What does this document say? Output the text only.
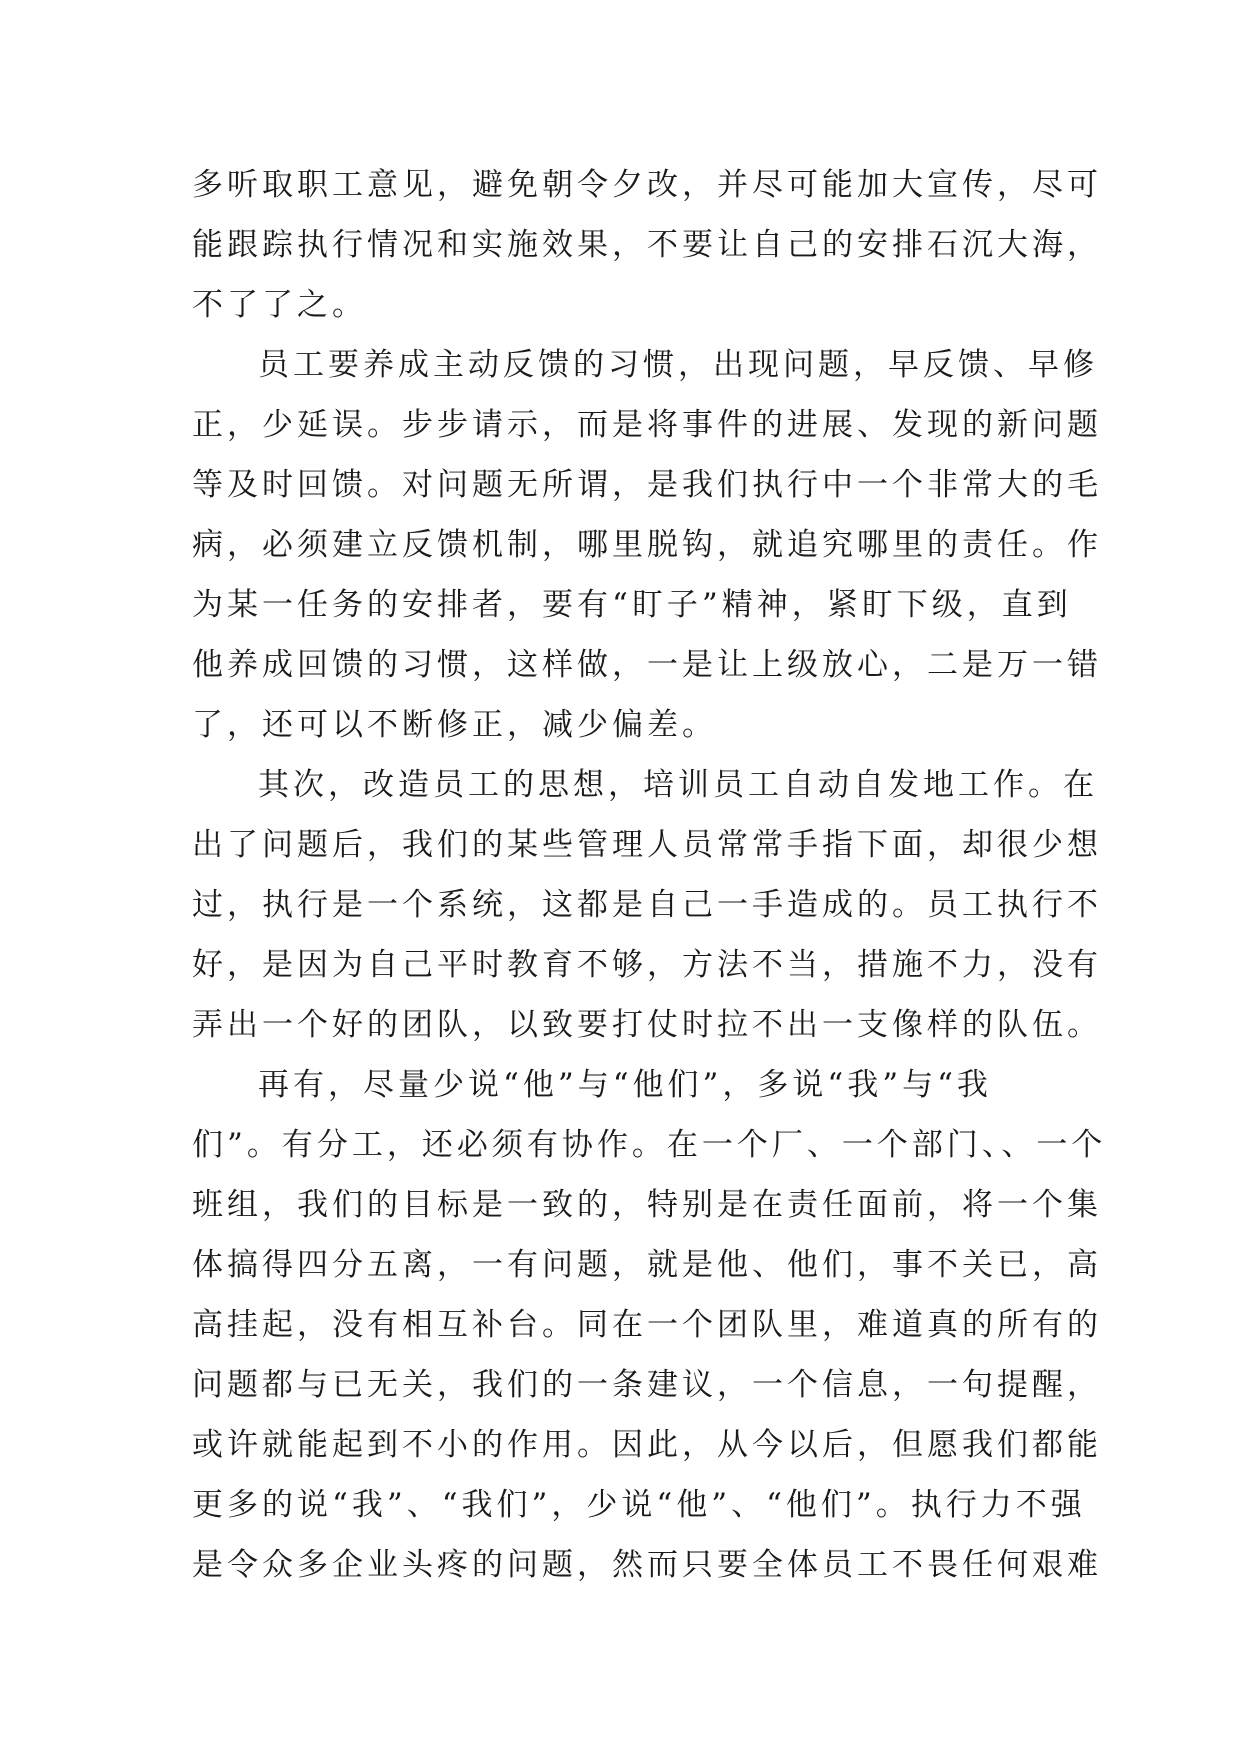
多听取职工意见，避免朝令夕改，并尽可能加大宣传，尽可
能跟踪执行情况和实施效果，不要让自己的安排石沉大海，
不了了之。
员工要养成主动反馈的习惯，出现问题，早反馈、早修
正，少延误。步步请示，而是将事件的进展、发现的新问题
等及时回馈。对问题无所谓，是我们执行中一个非常大的毛
病，必须建立反馈机制，哪里脱钩，就追究哪里的责任。作
为某一任务的安排者，要有“盯子”精神，紧盯下级，直到
他养成回馈的习惯，这样做，一是让上级放心，二是万一错
了，还可以不断修正，减少偏差。
其次，改造员工的思想，培训员工自动自发地工作。在
出了问题后，我们的某些管理人员常常手指下面，却很少想
过，执行是一个系统，这都是自己一手造成的。员工执行不
好，是因为自己平时教育不够，方法不当，措施不力，没有
弄出一个好的团队，以致要打仗时拉不出一支像样的队伍。
再有，尽量少说“他”与“他们”，多说“我”与“我
们”。有分工，还必须有协作。在一个厂、一个部门、、一个
班组，我们的目标是一致的，特别是在责任面前，将一个集
体搞得四分五离，一有问题，就是他、他们，事不关已，高
高挂起，没有相互补台。同在一个团队里，难道真的所有的
问题都与已无关，我们的一条建议，一个信息，一句提醒，
或许就能起到不小的作用。因此，从今以后，但愿我们都能
更多的说“我”、“我们”，少说“他”、“他们”。执行力不强
是令众多企业头疼的问题，然而只要全体员工不畏任何艰难
